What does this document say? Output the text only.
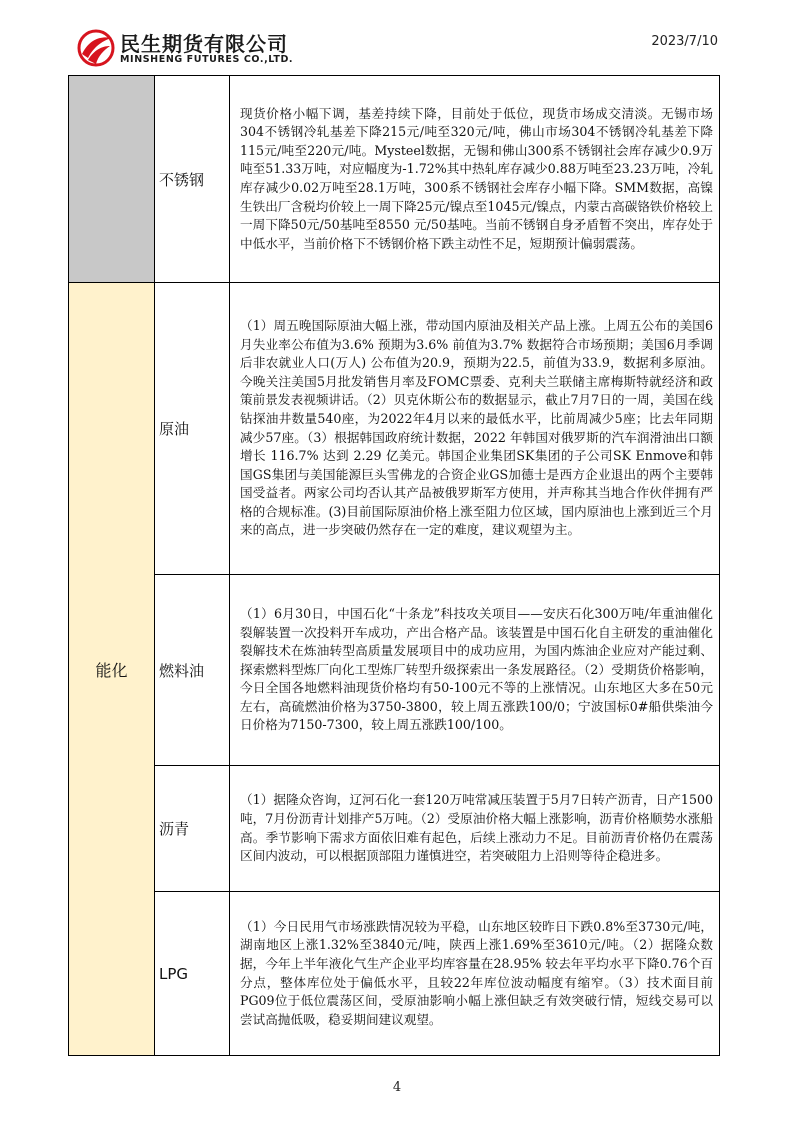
民生期货有限公司
MINSHENG FUTURES CO.,LTD.
2023/7/10
	不锈钢	现货价格小幅下调，基差持续下降，目前处于低位，现货市场成交清淡。无锡市场304不锈钢冷轧基差下降215元/吨至320元/吨，佛山市场304不锈钢冷轧基差下降115元/吨至220元/吨。Mysteel数据，无锡和佛山300系不锈钢社会库存减少0.9万吨至51.33万吨，对应幅度为-1.72%其中热轧库存减少0.88万吨至23.23万吨，冷轧库存减少0.02万吨至28.1万吨，300系不锈钢社会库存小幅下降。SMM数据，高镍生铁出厂含税均价较上一周下降25元/镍点至1045元/镍点，内蒙古高碳铬铁价格较上一周下降50元/50基吨至8550 元/50基吨。当前不锈钢自身矛盾暂不突出，库存处于中低水平，当前价格下不锈钢价格下跌主动性不足，短期预计偏弱震荡。
能化	原油	（1）周五晚国际原油大幅上涨，带动国内原油及相关产品上涨。上周五公布的美国6月失业率公布值为3.6% 预期为3.6% 前值为3.7% 数据符合市场预期；美国6月季调后非农就业人口(万人) 公布值为20.9，预期为22.5，前值为33.9，数据利多原油。今晚关注美国5月批发销售月率及FOMC票委、克利夫兰联储主席梅斯特就经济和政策前景发表视频讲话。（2）贝克休斯公布的数据显示，截止7月7日的一周，美国在线钻探油井数量540座，为2022年4月以来的最低水平，比前周减少5座；比去年同期减少57座。（3）根据韩国政府统计数据，2022 年韩国对俄罗斯的汽车润滑油出口额增长 116.7% 达到 2.29 亿美元。韩国企业集团SK集团的子公司SK Enmove和韩国GS集团与美国能源巨头雪佛龙的合资企业GS加德士是西方企业退出的两个主要韩国受益者。两家公司均否认其产品被俄罗斯军方使用，并声称其当地合作伙伴拥有严格的合规标准。(3)目前国际原油价格上涨至阻力位区域，国内原油也上涨到近三个月来的高点，进一步突破仍然存在一定的难度，建议观望为主。
	燃料油	（1）6月30日，中国石化“十条龙”科技攻关项目——安庆石化300万吨/年重油催化裂解装置一次投料开车成功，产出合格产品。该装置是中国石化自主研发的重油催化裂解技术在炼油转型高质量发展项目中的成功应用，为国内炼油企业应对产能过剩、探索燃料型炼厂向化工型炼厂转型升级探索出一条发展路径。（2）受期货价格影响，今日全国各地燃料油现货价格均有50-100元不等的上涨情况。山东地区大多在50元左右，高硫燃油价格为3750-3800，较上周五涨跌100/0；宁波国标0#船供柴油今日价格为7150-7300，较上周五涨跌100/100。
	沥青	（1）据隆众咨询，辽河石化一套120万吨常减压装置于5月7日转产沥青，日产1500吨，7月份沥青计划排产5万吨。（2）受原油价格大幅上涨影响，沥青价格顺势水涨船高。季节影响下需求方面依旧难有起色，后续上涨动力不足。目前沥青价格仍在震荡区间内波动，可以根据顶部阻力谨慎进空，若突破阻力上沿则等待企稳进多。
	LPG	（1）今日民用气市场涨跌情况较为平稳，山东地区较昨日下跌0.8%至3730元/吨，湖南地区上涨1.32%至3840元/吨，陕西上涨1.69%至3610元/吨。（2）据隆众数据，今年上半年液化气生产企业平均库容量在28.95% 较去年平均水平下降0.76个百分点，整体库位处于偏低水平，且较22年库位波动幅度有缩窄。（3）技术面目前PG09位于低位震荡区间，受原油影响小幅上涨但缺乏有效突破行情，短线交易可以尝试高抛低吸，稳妥期间建议观望。
4
